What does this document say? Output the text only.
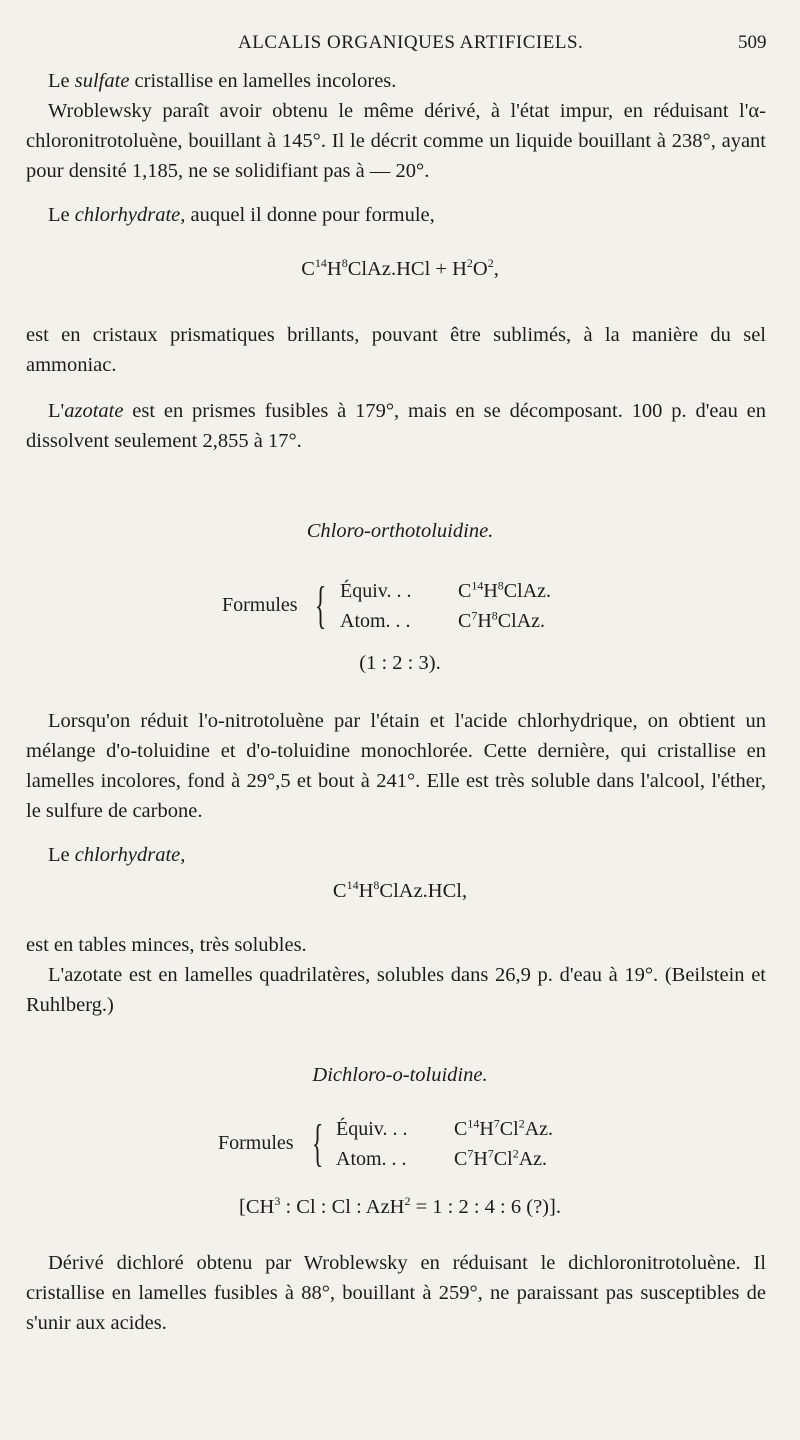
ALCALIS ORGANIQUES ARTIFICIELS.	509
Le sulfate cristallise en lamelles incolores.
Wroblewsky paraît avoir obtenu le même dérivé, à l'état impur, en réduisant l'α-chloronitrotoluène, bouillant à 145°. Il le décrit comme un liquide bouillant à 238°, ayant pour densité 1,185, ne se solidifiant pas à — 20°.
Le chlorhydrate, auquel il donne pour formule,
$C^{14}H^8ClAz.HCl + H^2O^2$,
est en cristaux prismatiques brillants, pouvant être sublimés, à la manière du sel ammoniac.
L'azotate est en prismes fusibles à 179°, mais en se décomposant. 100 p. d'eau en dissolvent seulement 2,855 à 17°.
Chloro-orthotoluidine.
Formules { Équiv. . . $C^{14}H^8ClAz$.
Atom. . . $C^7H^8ClAz$.
(1 : 2 : 3).
Lorsqu'on réduit l'o-nitrotoluène par l'étain et l'acide chlorhydrique, on obtient un mélange d'o-toluidine et d'o-toluidine monochlorée. Cette dernière, qui cristallise en lamelles incolores, fond à 29°,5 et bout à 241°. Elle est très soluble dans l'alcool, l'éther, le sulfure de carbone.
Le chlorhydrate,
$C^{14}H^8ClAz.HCl$,
est en tables minces, très solubles.
L'azotate est en lamelles quadrilatères, solubles dans 26,9 p. d'eau à 19°. (Beilstein et Ruhlberg.)
Dichloro-o-toluidine.
Formules { Équiv. . . $C^{14}H^7Cl^2Az$.
Atom. . . $C^7H^7Cl^2Az$.
[$CH^3$ : Cl : Cl : AzH$^2$ = 1 : 2 : 4 : 6 (?)].
Dérivé dichloré obtenu par Wroblewsky en réduisant le dichloronitrotoluène. Il cristallise en lamelles fusibles à 88°, bouillant à 259°, ne paraissant pas susceptibles de s'unir aux acides.
